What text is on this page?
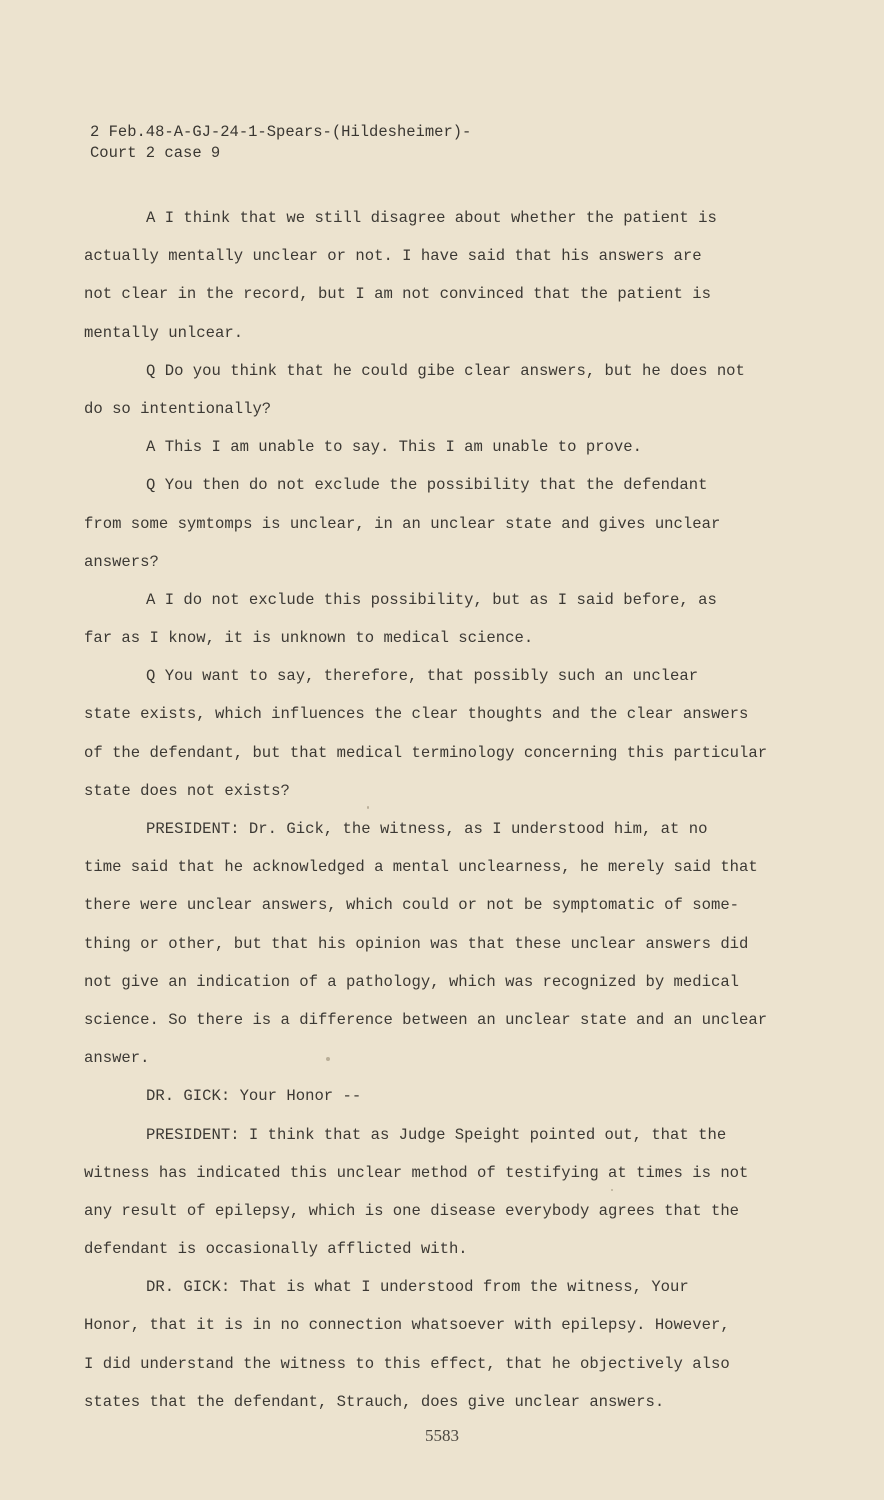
2 Feb.48-A-GJ-24-1-Spears-(Hildesheimer)-
Court 2 case 9
A I think that we still disagree about whether the patient is
actually mentally unclear or not. I have said that his answers are
not clear in the record, but I am not convinced that the patient is
mentally unlcear.
Q Do you think that he could gibe clear answers, but he does not
do so intentionally?
A This I am unable to say. This I am unable to prove.
Q You then do not exclude the possibility that the defendant
from some symtomps is unclear, in an unclear state and gives unclear
answers?
A I do not exclude this possibility, but as I said before, as
far as I know, it is unknown to medical science.
Q You want to say, therefore, that possibly such an unclear
state exists, which influences the clear thoughts and the clear answers
of the defendant, but that medical terminology concerning this particular
state does not exists?
PRESIDENT: Dr. Gick, the witness, as I understood him, at no
time said that he acknowledged a mental unclearness, he merely said that
there were unclear answers, which could or not be symptomatic of some-
thing or other, but that his opinion was that these unclear answers did
not give an indication of a pathology, which was recognized by medical
science. So there is a difference between an unclear state and an unclear
answer.
DR. GICK: Your Honor --
PRESIDENT: I think that as Judge Speight pointed out, that the
witness has indicated this unclear method of testifying at times is not
any result of epilepsy, which is one disease everybody agrees that the
defendant is occasionally afflicted with.
DR. GICK: That is what I understood from the witness, Your
Honor, that it is in no connection whatsoever with epilepsy. However,
I did understand the witness to this effect, that he objectively also
states that the defendant, Strauch, does give unclear answers.
5583
